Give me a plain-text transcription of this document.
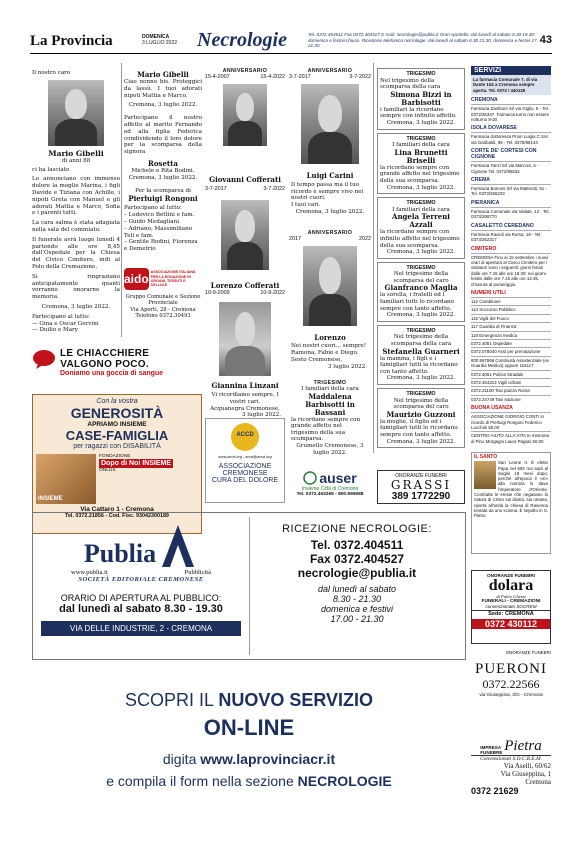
La Provincia	DOMENICA
3 LUGLIO 2022 Necrologie	Tel. 0372.404511 Fax 0372.404527 E mail: necrologie@publia.it Orari sportello: dal lunedì al sabato 8.30 19.30: domenica e festivi chiuso. Ricezione telefonica necrologie: dal lunedì al sabato 8.30 21.30, domenica e festivi 17 21.30	43

Il nostro caro

Mario Gibelli
di anni 88

ci ha lasciato

Lo annunciano con immenso dolore la moglie Marina, i figli Davide e Tiziana con Achille, i nipoti Greta con Manuel e gli adorati Mattia e Marco, Sofia e i parenti tutti.

La cara salma è stata adagiata nella sala del commiato.

Il funerale avrà luogo lunedì 4 partendo alle ore 8,45 dall'Ospedale per la Chiesa del Civico Cimitero, indi al Polo della Cremazione.

Si ringraziano anticipatamente quanti vorranno onorarne la memoria.

Cremona, 3 luglio 2022.

Partecipano al lutto:

— Gina e Oscar Gervini
— Duilio e Mary
Mario Gibelli

Ciao nonno bis. Proteggici da lassù. I tuoi adorati nipoti Mattia e Marco.

Cremona, 3 luglio 2022.

Partecipano il nostro affetto al marito Fernando ed alla figlia Federica condividendo il loro dolore per la scomparsa della signora

Rosetta
Michele e Rita Bodini.

Cremona, 3 luglio 2022.

Per la scomparsa di

Pierluigi Rongoni
Partecipano al lutto:
– Lodovico Bettini e fam.
– Guido Medagliani
– Adriano, Massimiliano Teli e fam.
– Gentile Bodini, Fiorenza e Demetrio
aido ASSOCIAZIONE ITALIANA PER LA DONAZIONE DI ORGANI, TESSUTI E CELLULE
Gruppo Comunale e Sezione Provinciale
Via Aporti, 28 - Cremona
Telefono 0372.30493
ANNIVERSARIO
15-4-2007	15-4-2022
Giovanni Cofferati
3-7-2017	3-7-2022
Lorenzo Cofferati
10-9-2009	10-9-2022
Giannina Linzani
Vi ricordiamo sempre. I vostri cari.
Acquanegra Cremonese,
3 luglio 2022.
ANNIVERSARIO
3-7-2017	3-7-2022
Luigi Carini
Il tempo passa ma il tuo ricordo è sempre vivo nei nostri cuori.
I tuoi cari.
Cremona, 3 luglio 2022.
ANNIVERSARIO
2017	2022
Lorenzo
Nei nostri cuori... sempre! Ramona, Fabio e Diego.
Sesto Cremonese,
3 luglio 2022.
TRIGESIMO
I familiari della cara
Maddalena Barbisotti in Bassani
la ricordano sempre con grande affetto nel trigesimo della sua scomparsa.
Grumello Cremonese, 3 luglio 2022.
TRIGESIMO
Nel trigesimo della scomparsa della cara
Simona Bizzi in Barbisotti
i familiari la ricordano sempre con infinito affetto.
Cremona, 3 luglio 2022.
TRIGESIMO
I familiari della cara
Lina Brunetti Briselli
la ricordano sempre con grande affetto nel trigesimo della sua scomparsa.
Cremona, 3 luglio 2022.
TRIGESIMO
I familiari della cara
Angela Terreni Azzali
la ricordano sempre con infinito affetto nel trigesimo della sua scomparsa.
Cremona, 3 luglio 2022.
TRIGESIMO
Nel trigesimo della scomparsa del caro
Gianfranco Maglia
la sorella, i fratelli ed i familiari tutti lo ricordano sempre con tanto affetto.
Cremona, 3 luglio 2022.
TRIGESIMO
Nel trigesimo della scomparsa della cara
Stefanella Guarneri
la mamma, i figli e i famigliari tutti la ricordano con tanto affetto.
Cremona, 3 luglio 2022.
TRIGESIMO
Nel trigesimo della scomparsa del caro
Maurizio Guzzoni
la moglie, il figlio ed i famigliari tutti lo ricordano sempre con tanto affetto.
Cremona, 3 luglio 2022.
LE CHIACCHIERE
VALGONO POCO.
Doniamo una goccia di sangue
Con la vostra
GENEROSITÀ
APRIAMO INSIEME
CASE-FAMIGLIA
per ragazzi con DISABILITÀ
INSIEME
FONDAZIONE
Dopo di Noi INSIEME
ONLUS
Via Cattaro 1 - Cremona
Tel. 0372.21856 - Cod. Fisc. 93042300189
ACCD
www.accd.org - accd@accd.org
ASSOCIAZIONE
CREMONESE
CURA DEL DOLORE	auser
Insieme Città di Cremona
Tel. 0372.463265 - 800.995988
ONORANZE FUNEBRI
GRASSI
389 1772290
SERVIZI
La farmacia Comunale 7, di via Dante 104 a Cremona sempre aperta. Tel. 0372 / 440135
CREMONA
Farmacia Zamboni Srl via Giglio, 5 - Tel. 0372/25347. Farmacia turno non essere notturno 8-20
ISOLA DOVARESE
Farmacia dottoressa Priori Luigia C.Snc via Garibaldi, 95 - Tel. 0375/98144
CORTE DE' CORTESI CON CIGNONE
Farmacia Tanzi Srl via Marconi, 5 - Cignone Tel. 0372/95532
CREMA
Farmacia Bonomi Srl via Matteotti, 51 - Tel. 0373/256233
PIERANICA
Farmacia Comunale via Vailate, 13 - Tel. 0373/288770
CASALETTO CEREDANO
Farmacia Ravioli via Roma, 18 - Tel. 0373/262317
CIMITERO
CREMONA Fino al 15 settembre i nuovi orari di apertura al Civico Cimitero per i visitatori sono i seguenti: giorni feriali dalle ore 7.15 alle ore 18.30; nei giorni festivi dalle ore 7.15 alle ore 12.45, chiusura al pomeriggio.
NUMERI UTILI
112 Carabinieri
113 Soccorso Pubblico
115 Vigili del Fuoco
117 Guardia di Finanza
118 Emergenza medica
0372.4051 Ospedale
0372.078040 Asst per prenotazione
800.567866 Continuità Assistenziale (ex Guardia Medica) oppure 116117
0372.4051 Polizia Stradale
0372.454314 Vigili Urbani
0372.21100 Taxi piazza Roma
0372.24749 Taxi stazione
BUONA USANZA
ASSOCIAZIONE GIORGIO CONTI in ricordo di Pierluigi Rongoni Federico Lucchini 50,00
CENTRO AIUTO ALLA VITA In memoria di Pino Morgagni Laura Pagani 50,00
IL SANTO
San Leone II. È eletto Papa nel 682 ma sarà al Soglio 18 mesi dopo, perché all'epoca il «sì» alla nomina lo dava l'imperatore d'Oriente. Combatte le eresie che negavano la natura di Cristo sia divina, sia umana, riporta all'unità la chiesa di Ravenna tentata da uno scisma. È sepolto in S. Pietro.
Publia
www.publia.it	Pubblicità
SOCIETÀ EDITORIALE CREMONESE
ORARIO DI APERTURA AL PUBBLICO:
dal lunedì al sabato 8.30 - 19.30
VIA DELLE INDUSTRIE, 2 - CREMONA
RICEZIONE NECROLOGIE:
Tel. 0372.404511
Fax 0372.404527
necrologie@publia.it
dal lunedì al sabato
8.30 - 21.30
domenica e festivi
17.00 - 21.30
SCOPRI IL NUOVO SERVIZIO
ON-LINE
digita www.laprovinciacr.it
e compila il form nella sezione NECROLOGIE
ONORANZE FUNEBRI
dolara
di Fabio Ghezzi
FUNERALI - CREMAZIONI
convenzionato SOCREM
Sede: CREMONA
0372 430112
ONORANZE FUNEBRI
PUERONI
0372.22566
via Giuseppina, 3/G - Cremona
IMPRESA FUNEBRE Pietra
Convenzionati S.O.C.R.E.M.
Via Aselli, 60/62
Via Giuseppina, 1
Cremona
0372 21629
